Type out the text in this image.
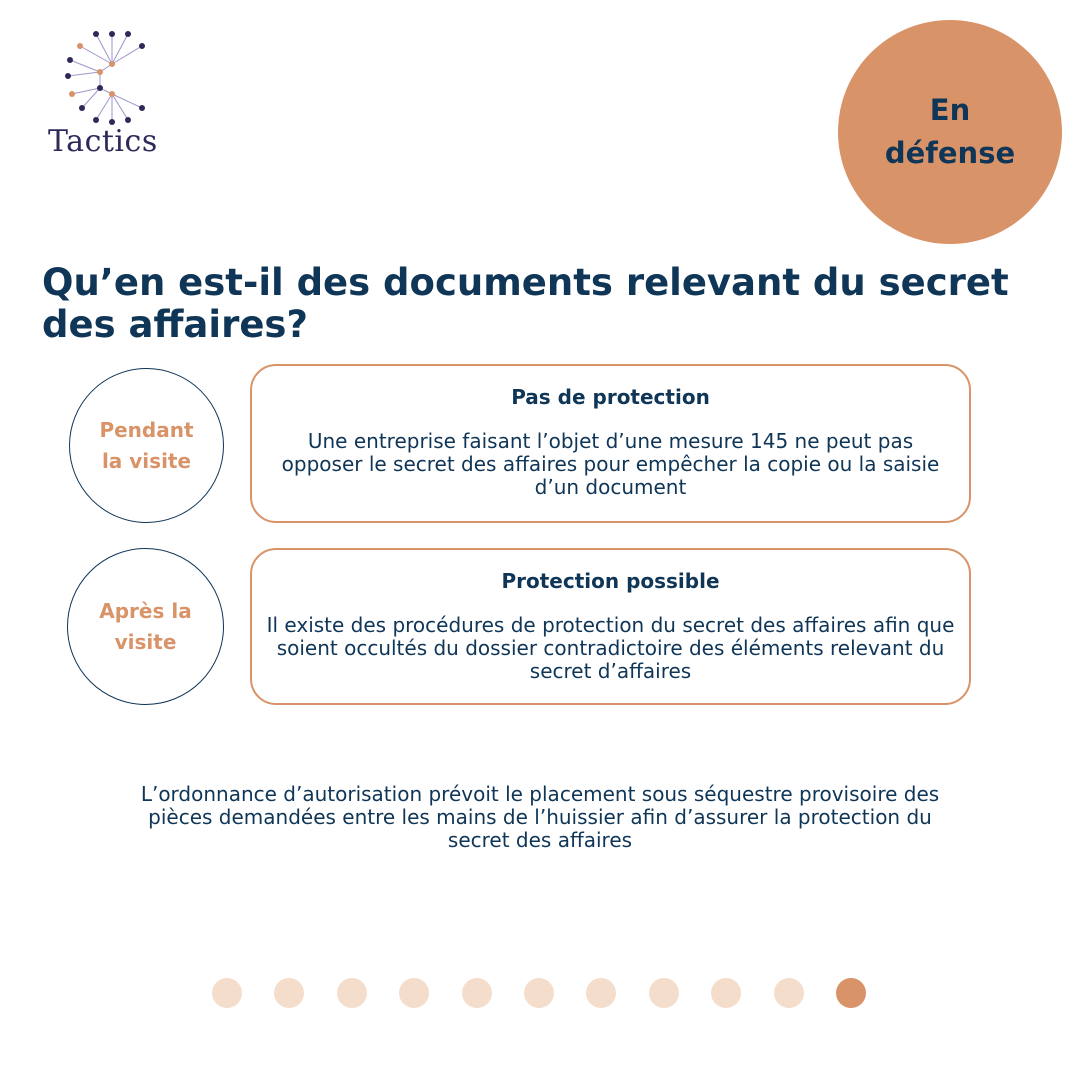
Tactics
En
défense
Qu’en est-il des documents relevant du secret des affaires?
Pendant la visite
Pas de protection
Une entreprise faisant l’objet d’une mesure 145 ne peut pas opposer le secret des affaires pour empêcher la copie ou la saisie d’un document
Après la visite
Protection possible
Il existe des procédures de protection du secret des affaires afin que soient occultés du dossier contradictoire des éléments relevant du secret d’affaires
L’ordonnance d’autorisation prévoit le placement sous séquestre provisoire des pièces demandées entre les mains de l’huissier afin d’assurer la protection du secret des affaires
